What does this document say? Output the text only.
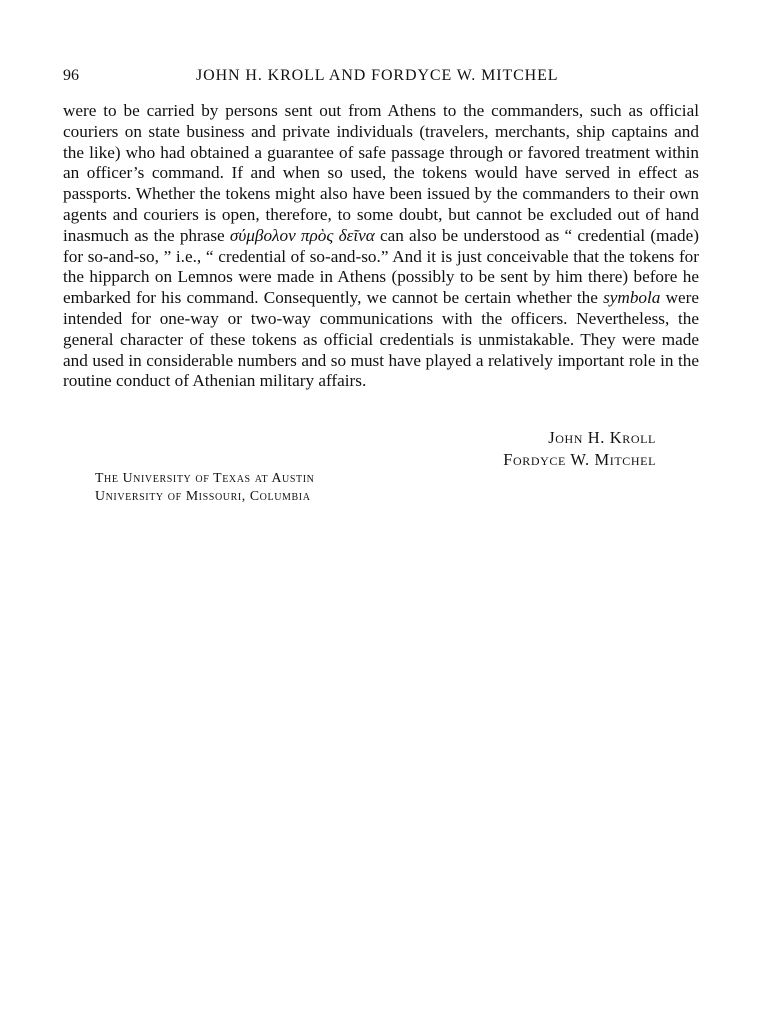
96	JOHN H. KROLL AND FORDYCE W. MITCHEL
were to be carried by persons sent out from Athens to the commanders, such as official couriers on state business and private individuals (travelers, merchants, ship captains and the like) who had obtained a guarantee of safe passage through or favored treatment within an officer’s command. If and when so used, the tokens would have served in effect as passports. Whether the tokens might also have been issued by the commanders to their own agents and couriers is open, therefore, to some doubt, but cannot be excluded out of hand inasmuch as the phrase σύμβολον πρὸς δεῖνα can also be understood as “ credential (made) for so-and-so, ” i.e., “ credential of so-and-so.” And it is just conceivable that the tokens for the hipparch on Lemnos were made in Athens (possibly to be sent by him there) before he embarked for his command. Consequently, we cannot be certain whether the symbola were intended for one-way or two-way communications with the officers. Nevertheless, the general character of these tokens as official credentials is unmistakable. They were made and used in considerable numbers and so must have played a relatively important role in the routine conduct of Athenian military affairs.
John H. Kroll
Fordyce W. Mitchel
The University of Texas at Austin
University of Missouri, Columbia
